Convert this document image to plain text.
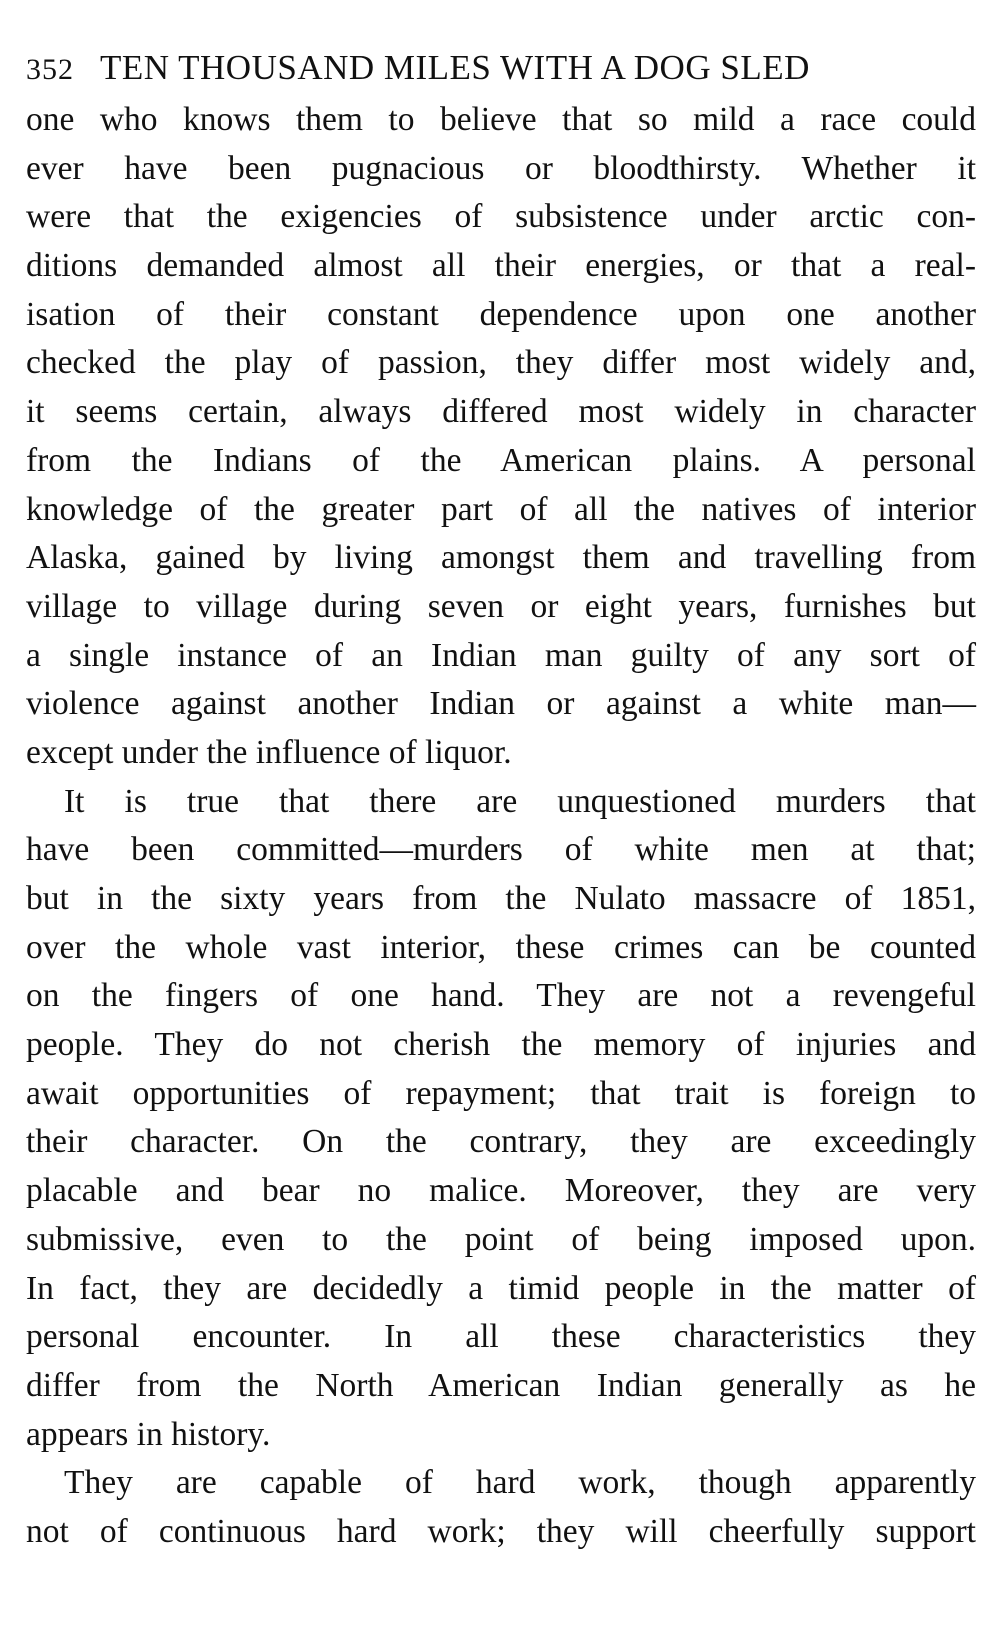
352 TEN THOUSAND MILES WITH A DOG SLED
one who knows them to believe that so mild a race could
ever have been pugnacious or bloodthirsty. Whether it
were that the exigencies of subsistence under arctic con-
ditions demanded almost all their energies, or that a real-
isation of their constant dependence upon one another
checked the play of passion, they differ most widely and,
it seems certain, always differed most widely in character
from the Indians of the American plains. A personal
knowledge of the greater part of all the natives of interior
Alaska, gained by living amongst them and travelling from
village to village during seven or eight years, furnishes but
a single instance of an Indian man guilty of any sort of
violence against another Indian or against a white man—
except under the influence of liquor.
It is true that there are unquestioned murders that
have been committed—murders of white men at that;
but in the sixty years from the Nulato massacre of 1851,
over the whole vast interior, these crimes can be counted
on the fingers of one hand. They are not a revengeful
people. They do not cherish the memory of injuries and
await opportunities of repayment; that trait is foreign to
their character. On the contrary, they are exceedingly
placable and bear no malice. Moreover, they are very
submissive, even to the point of being imposed upon.
In fact, they are decidedly a timid people in the matter of
personal encounter. In all these characteristics they
differ from the North American Indian generally as he
appears in history.
They are capable of hard work, though apparently
not of continuous hard work; they will cheerfully support
